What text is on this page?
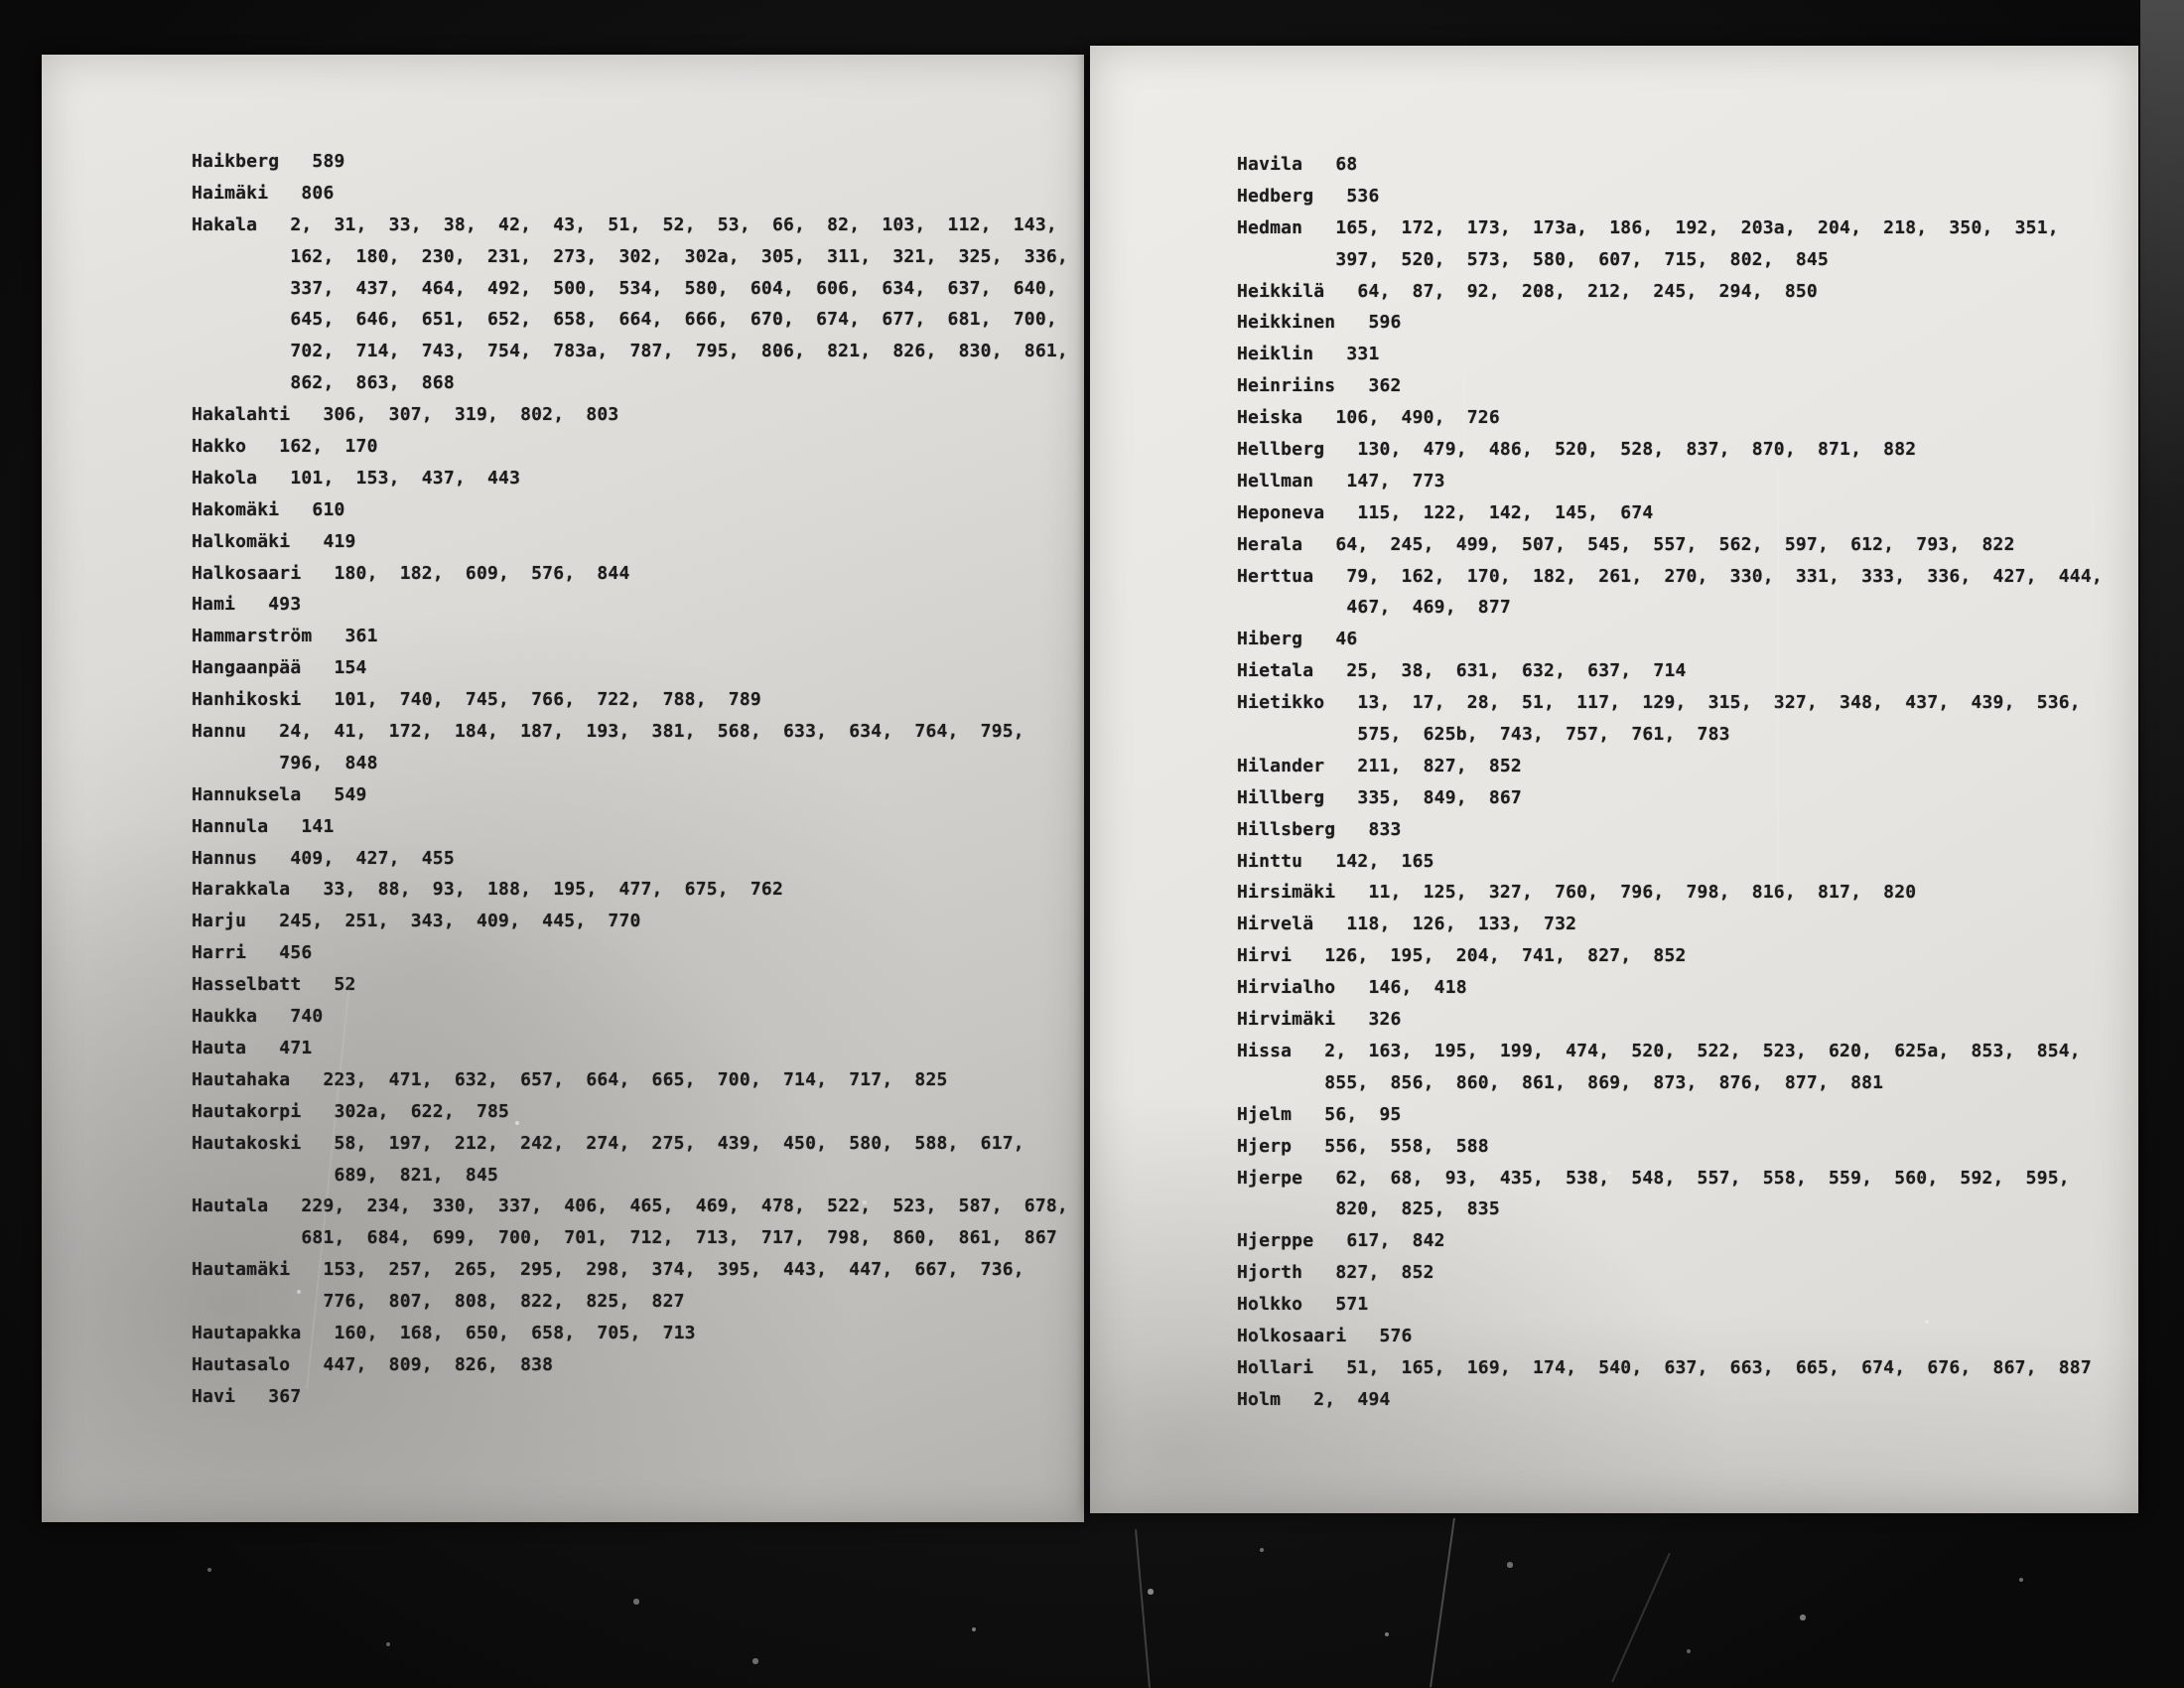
Haikberg   589
Haimäki   806
Hakala   2,  31,  33,  38,  42,  43,  51,  52,  53,  66,  82,  103,  112,  143,
162,  180,  230,  231,  273,  302,  302a,  305,  311,  321,  325,  336,
337,  437,  464,  492,  500,  534,  580,  604,  606,  634,  637,  640,
645,  646,  651,  652,  658,  664,  666,  670,  674,  677,  681,  700,
702,  714,  743,  754,  783a,  787,  795,  806,  821,  826,  830,  861,
862,  863,  868
Hakalahti   306,  307,  319,  802,  803
Hakko   162,  170
Hakola   101,  153,  437,  443
Hakomäki   610
Halkomäki   419
Halkosaari   180,  182,  609,  576,  844
Hami   493
Hammarström   361
Hangaanpää   154
Hanhikoski   101,  740,  745,  766,  722,  788,  789
Hannu   24,  41,  172,  184,  187,  193,  381,  568,  633,  634,  764,  795,
796,  848
Hannuksela   549
Hannula   141
Hannus   409,  427,  455
Harakkala   33,  88,  93,  188,  195,  477,  675,  762
Harju   245,  251,  343,  409,  445,  770
Harri   456
Hasselbatt   52
Haukka   740
Hauta   471
Hautahaka   223,  471,  632,  657,  664,  665,  700,  714,  717,  825
Hautakorpi   302a,  622,  785
Hautakoski   58,  197,  212,  242,  274,  275,  439,  450,  580,  588,  617,
689,  821,  845
Hautala   229,  234,  330,  337,  406,  465,  469,  478,  522,  523,  587,  678,
681,  684,  699,  700,  701,  712,  713,  717,  798,  860,  861,  867
Hautamäki   153,  257,  265,  295,  298,  374,  395,  443,  447,  667,  736,
776,  807,  808,  822,  825,  827
Hautapakka   160,  168,  650,  658,  705,  713
Hautasalo   447,  809,  826,  838
Havi   367
Havila   68
Hedberg   536
Hedman   165,  172,  173,  173a,  186,  192,  203a,  204,  218,  350,  351,
397,  520,  573,  580,  607,  715,  802,  845
Heikkilä   64,  87,  92,  208,  212,  245,  294,  850
Heikkinen   596
Heiklin   331
Heinriins   362
Heiska   106,  490,  726
Hellberg   130,  479,  486,  520,  528,  837,  870,  871,  882
Hellman   147,  773
Heponeva   115,  122,  142,  145,  674
Herala   64,  245,  499,  507,  545,  557,  562,  597,  612,  793,  822
Herttua   79,  162,  170,  182,  261,  270,  330,  331,  333,  336,  427,  444,
467,  469,  877
Hiberg   46
Hietala   25,  38,  631,  632,  637,  714
Hietikko   13,  17,  28,  51,  117,  129,  315,  327,  348,  437,  439,  536,
575,  625b,  743,  757,  761,  783
Hilander   211,  827,  852
Hillberg   335,  849,  867
Hillsberg   833
Hinttu   142,  165
Hirsimäki   11,  125,  327,  760,  796,  798,  816,  817,  820
Hirvelä   118,  126,  133,  732
Hirvi   126,  195,  204,  741,  827,  852
Hirvialho   146,  418
Hirvimäki   326
Hissa   2,  163,  195,  199,  474,  520,  522,  523,  620,  625a,  853,  854,
855,  856,  860,  861,  869,  873,  876,  877,  881
Hjelm   56,  95
Hjerp   556,  558,  588
Hjerpe   62,  68,  93,  435,  538,  548,  557,  558,  559,  560,  592,  595,
820,  825,  835
Hjerppe   617,  842
Hjorth   827,  852
Holkko   571
Holkosaari   576
Hollari   51,  165,  169,  174,  540,  637,  663,  665,  674,  676,  867,  887
Holm   2,  494
